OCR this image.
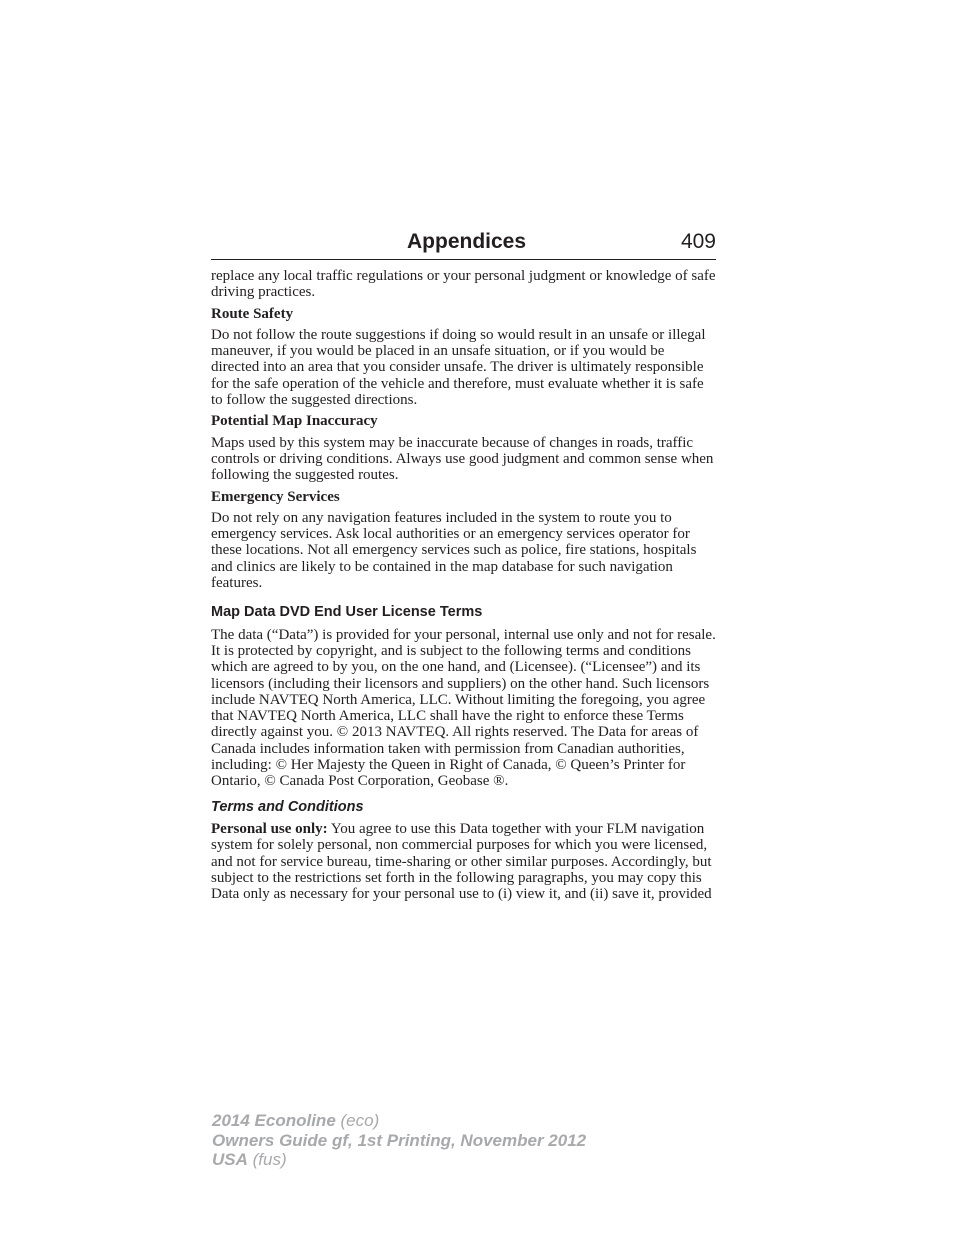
Appendices	409

replace any local traffic regulations or your personal judgment or knowledge of safe driving practices.

Route Safety

Do not follow the route suggestions if doing so would result in an unsafe or illegal maneuver, if you would be placed in an unsafe situation, or if you would be directed into an area that you consider unsafe. The driver is ultimately responsible for the safe operation of the vehicle and therefore, must evaluate whether it is safe to follow the suggested directions.

Potential Map Inaccuracy

Maps used by this system may be inaccurate because of changes in roads, traffic controls or driving conditions. Always use good judgment and common sense when following the suggested routes.

Emergency Services

Do not rely on any navigation features included in the system to route you to emergency services. Ask local authorities or an emergency services operator for these locations. Not all emergency services such as police, fire stations, hospitals and clinics are likely to be contained in the map database for such navigation features.

Map Data DVD End User License Terms

The data (“Data”) is provided for your personal, internal use only and not for resale. It is protected by copyright, and is subject to the following terms and conditions which are agreed to by you, on the one hand, and (Licensee). (“Licensee”) and its licensors (including their licensors and suppliers) on the other hand. Such licensors include NAVTEQ North America, LLC. Without limiting the foregoing, you agree that NAVTEQ North America, LLC shall have the right to enforce these Terms directly against you. © 2013 NAVTEQ. All rights reserved. The Data for areas of Canada includes information taken with permission from Canadian authorities, including: © Her Majesty the Queen in Right of Canada, © Queen’s Printer for Ontario, © Canada Post Corporation, Geobase ®.

Terms and Conditions

Personal use only: You agree to use this Data together with your FLM navigation system for solely personal, non commercial purposes for which you were licensed, and not for service bureau, time-sharing or other similar purposes. Accordingly, but subject to the restrictions set forth in the following paragraphs, you may copy this Data only as necessary for your personal use to (i) view it, and (ii) save it, provided

2014 Econoline (eco)
Owners Guide gf, 1st Printing, November 2012
USA (fus)
